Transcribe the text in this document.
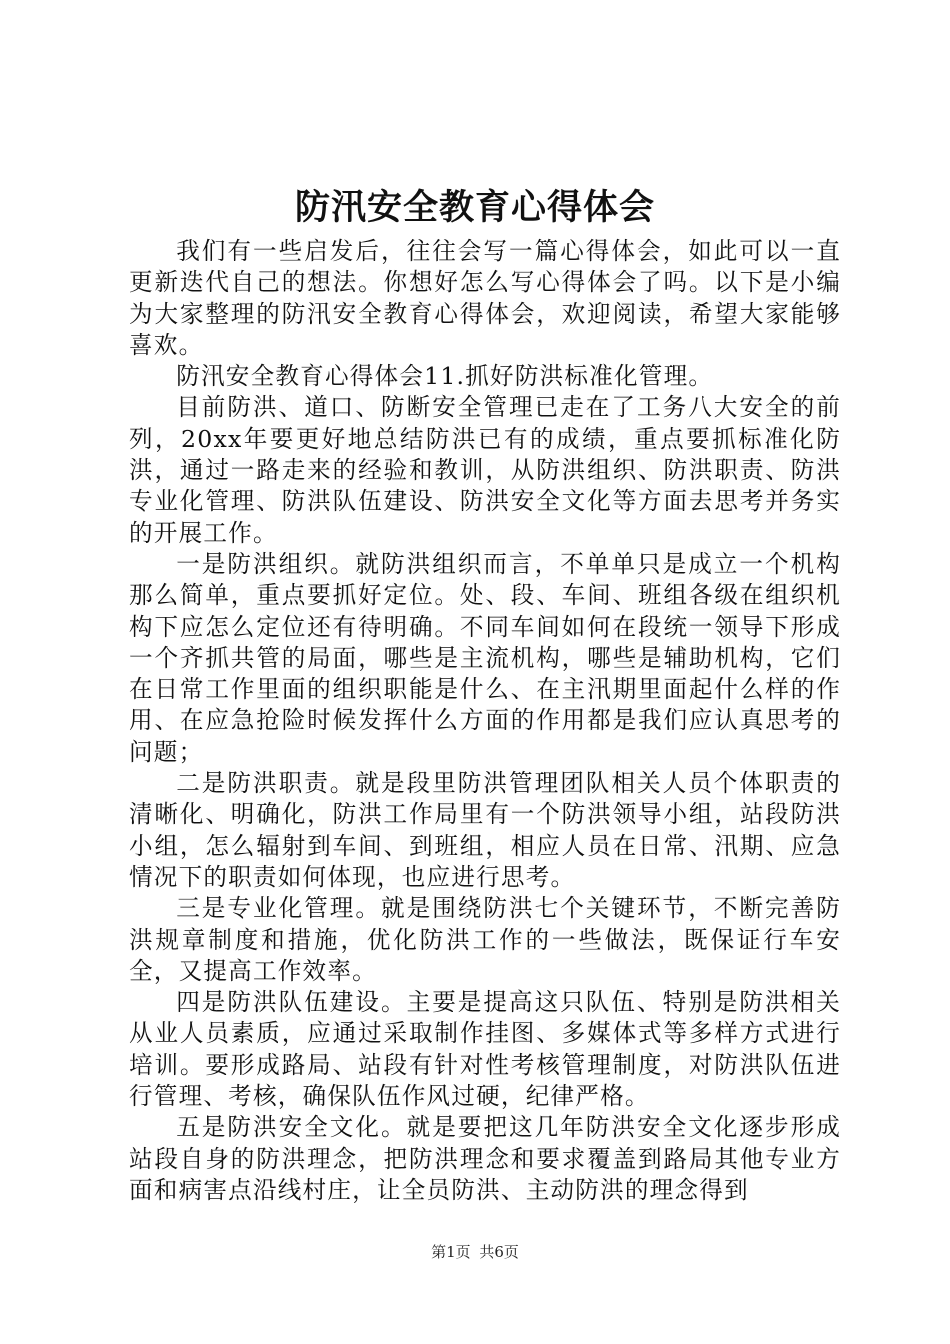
防汛安全教育心得体会

我们有一些启发后，往往会写一篇心得体会，如此可以一直更新迭代自己的想法。你想好怎么写心得体会了吗。以下是小编为大家整理的防汛安全教育心得体会，欢迎阅读，希望大家能够喜欢。

防汛安全教育心得体会11.抓好防洪标准化管理。

目前防洪、道口、防断安全管理已走在了工务八大安全的前列，20xx年要更好地总结防洪已有的成绩，重点要抓标准化防洪，通过一路走来的经验和教训，从防洪组织、防洪职责、防洪专业化管理、防洪队伍建设、防洪安全文化等方面去思考并务实的开展工作。

一是防洪组织。就防洪组织而言，不单单只是成立一个机构那么简单，重点要抓好定位。处、段、车间、班组各级在组织机构下应怎么定位还有待明确。不同车间如何在段统一领导下形成一个齐抓共管的局面，哪些是主流机构，哪些是辅助机构，它们在日常工作里面的组织职能是什么、在主汛期里面起什么样的作用、在应急抢险时候发挥什么方面的作用都是我们应认真思考的问题；

二是防洪职责。就是段里防洪管理团队相关人员个体职责的清晰化、明确化，防洪工作局里有一个防洪领导小组，站段防洪小组，怎么辐射到车间、到班组，相应人员在日常、汛期、应急情况下的职责如何体现，也应进行思考。

三是专业化管理。就是围绕防洪七个关键环节，不断完善防洪规章制度和措施，优化防洪工作的一些做法，既保证行车安全，又提高工作效率。

四是防洪队伍建设。主要是提高这只队伍、特别是防洪相关从业人员素质，应通过采取制作挂图、多媒体式等多样方式进行培训。要形成路局、站段有针对性考核管理制度，对防洪队伍进行管理、考核，确保队伍作风过硬，纪律严格。

五是防洪安全文化。就是要把这几年防洪安全文化逐步形成站段自身的防洪理念，把防洪理念和要求覆盖到路局其他专业方面和病害点沿线村庄，让全员防洪、主动防洪的理念得到

第1页 共6页
